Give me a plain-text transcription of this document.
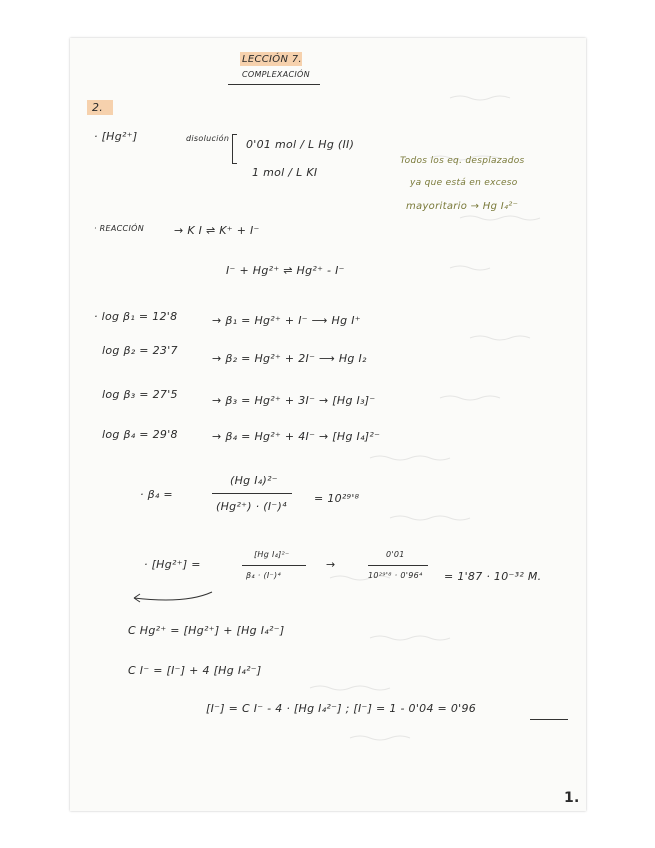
LECCIÓN 7.
COMPLEXACIÓN
2.
· [Hg²⁺]	disolución 0'01 mol / L Hg (II)
1 mol / L KI
Todos los eq. desplazados
ya que está en exceso
mayoritario → Hg I₄²⁻
· REACCIÓN	→ K I ⇌ K⁺ + I⁻
I⁻ + Hg²⁺ ⇌ Hg²⁺ - I⁻
· log β₁ = 12'8	→ β₁ = Hg²⁺ + I⁻ ⟶ Hg I⁺
log β₂ = 23'7
→ β₂ = Hg²⁺ + 2I⁻ ⟶ Hg I₂
log β₃ = 27'5	→ β₃ = Hg²⁺ + 3I⁻ → [Hg I₃]⁻
log β₄ = 29'8	→ β₄ = Hg²⁺ + 4I⁻ → [Hg I₄]²⁻
· β₄ =
(Hg I₄)²⁻
(Hg²⁺) · (I⁻)⁴
= 10²⁹'⁸
· [Hg²⁺] =
[Hg I₄]²⁻
β₄ · (I⁻)⁴
→
0'01
10²⁹'⁸ · 0'96⁴ = 1'87 · 10⁻³² M.
C Hg²⁺ = [Hg²⁺] + [Hg I₄²⁻]
C I⁻ = [I⁻] + 4 [Hg I₄²⁻]
[I⁻] = C I⁻ - 4 · [Hg I₄²⁻] ; [I⁻] = 1 - 0'04 = 0'96
1.
